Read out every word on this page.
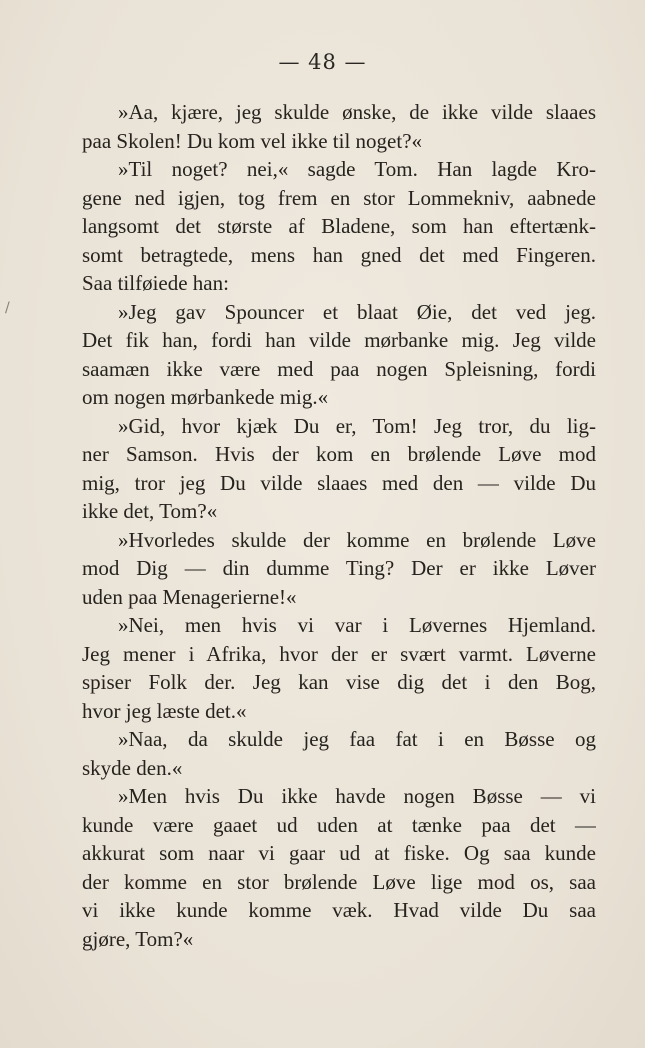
— 48 —
/
»Aa, kjære, jeg skulde ønske, de ikke vilde slaaes
paa Skolen! Du kom vel ikke til noget?«
»Til noget? nei,« sagde Tom. Han lagde Kro-
gene ned igjen, tog frem en stor Lommekniv, aabnede
langsomt det største af Bladene, som han eftertænk-
somt betragtede, mens han gned det med Fingeren.
Saa tilføiede han:
»Jeg gav Spouncer et blaat Øie, det ved jeg.
Det fik han, fordi han vilde mørbanke mig. Jeg vilde
saamæn ikke være med paa nogen Spleisning, fordi
om nogen mørbankede mig.«
»Gid, hvor kjæk Du er, Tom! Jeg tror, du lig-
ner Samson. Hvis der kom en brølende Løve mod
mig, tror jeg Du vilde slaaes med den — vilde Du
ikke det, Tom?«
»Hvorledes skulde der komme en brølende Løve
mod Dig — din dumme Ting? Der er ikke Løver
uden paa Menagerierne!«
»Nei, men hvis vi var i Løvernes Hjemland.
Jeg mener i Afrika, hvor der er svært varmt. Løverne
spiser Folk der. Jeg kan vise dig det i den Bog,
hvor jeg læste det.«
»Naa, da skulde jeg faa fat i en Bøsse og
skyde den.«
»Men hvis Du ikke havde nogen Bøsse — vi
kunde være gaaet ud uden at tænke paa det —
akkurat som naar vi gaar ud at fiske. Og saa kunde
der komme en stor brølende Løve lige mod os, saa
vi ikke kunde komme væk. Hvad vilde Du saa
gjøre, Tom?«
